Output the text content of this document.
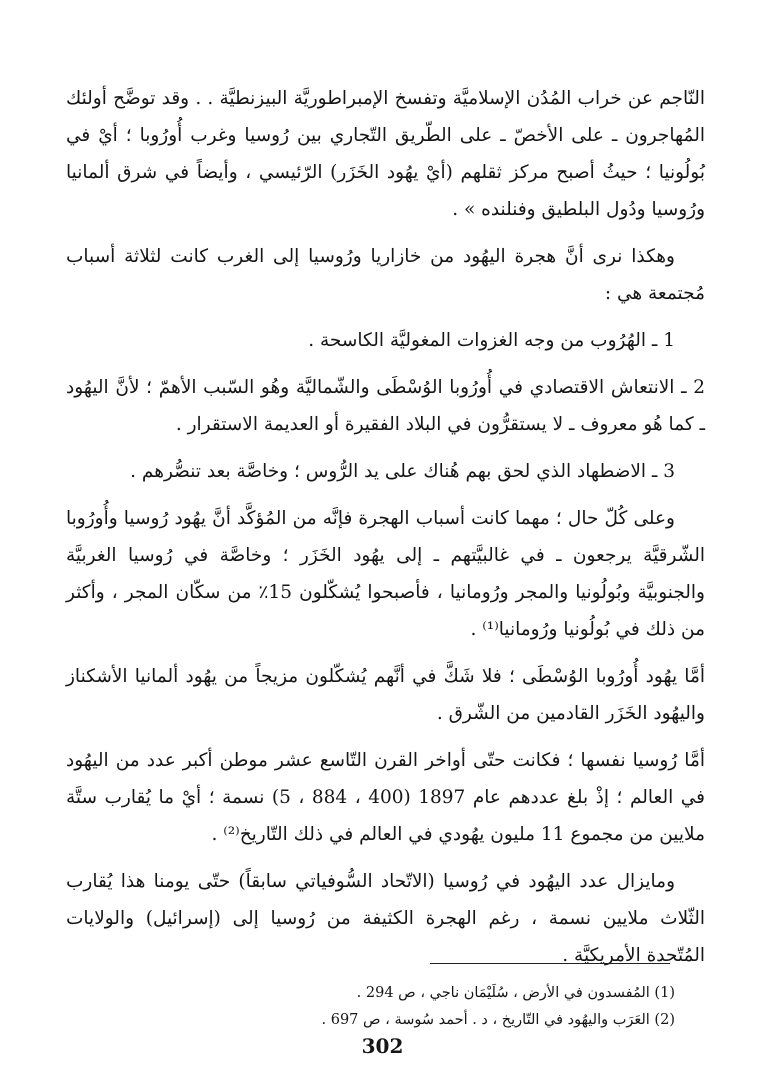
النّاجم عن خراب المُدُن الإسلاميَّة وتفسخ الإمبراطوريَّة البيزنطيَّة . . وقد توضَّح أولئك المُهاجرون ـ على الأخصّ ـ على الطّريق التّجاري بين رُوسيا وغرب أُورُوبا ؛ أيْ في بُولُونيا ؛ حيثُ أصبح مركز ثقلهم (أيْ يهُود الخَزَر) الرّئيسي ، وأيضاً في شرق ألمانيا ورُوسيا ودُول البلطيق وفنلنده » .

وهكذا نرى أنَّ هجرة اليهُود من خازاريا ورُوسيا إلى الغرب كانت لثلاثة أسباب مُجتمعة هي :

1 ـ الهُرُوب من وجه الغزوات المغوليَّة الكاسحة .

2 ـ الانتعاش الاقتصادي في أُورُوبا الوُسْطَى والشّماليَّة وهُو السّبب الأهمّ ؛ لأنَّ اليهُود ـ كما هُو معروف ـ لا يستقرُّون في البلاد الفقيرة أو العديمة الاستقرار .

3 ـ الاضطهاد الذي لحق بهم هُناك على يد الرُّوس ؛ وخاصَّة بعد تنصُّرهم .

وعلى كُلّ حال ؛ مهما كانت أسباب الهجرة فإنَّه من المُؤكَّد أنَّ يهُود رُوسيا وأُورُوبا الشّرقيَّة يرجعون ـ في غالبيَّتهم ـ إلى يهُود الخَزَر ؛ وخاصَّة في رُوسيا الغربيَّة والجنوبيَّة وبُولُونيا والمجر ورُومانيا ، فأصبحوا يُشكّلون 15٪ من سكّان المجر ، وأكثر من ذلك في بُولُونيا ورُومانيا⁽¹⁾ .

أمَّا يهُود أُورُوبا الوُسْطَى ؛ فلا شَكَّ في أنَّهم يُشكّلون مزيجاً من يهُود ألمانيا الأشكناز واليهُود الخَزَر القادمين من الشّرق .

أمَّا رُوسيا نفسها ؛ فكانت حتّى أواخر القرن التّاسع عشر موطن أكبر عدد من اليهُود في العالم ؛ إذْ بلغ عددهم عام 1897 (400 ، 884 ، 5) نسمة ؛ أيْ ما يُقارب ستَّة ملايين من مجموع 11 مليون يهُودي في العالم في ذلك التّاريخ⁽²⁾ .

ومايزال عدد اليهُود في رُوسيا (الاتّحاد السُّوفياتي سابقاً) حتّى يومنا هذا يُقارب الثّلاث ملايين نسمة ، رغم الهجرة الكثيفة من رُوسيا إلى (إسرائيل) والولايات المُتّحدة الأمريكيَّة .

(1) المُفسدون في الأرض ، سُلَيْمَان ناجي ، ص 294 .
(2) العَرَب واليهُود في التّاريخ ، د . أحمد سُوسة ، ص 697 .
302
